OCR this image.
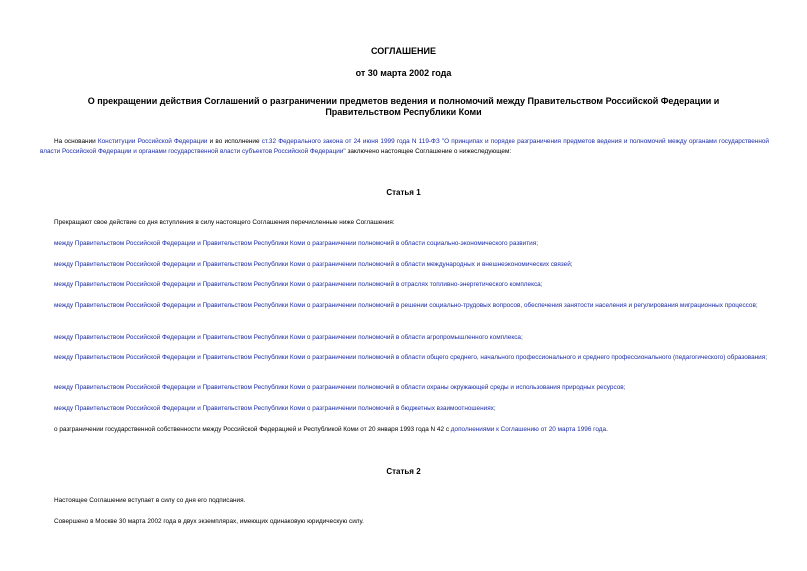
СОГЛАШЕНИЕ
от 30 марта 2002 года
О прекращении действия Соглашений о разграничении предметов ведения и полномочий между Правительством Российской Федерации и Правительством Республики Коми
На основании Конституции Российской Федерации и во исполнение ст.32 Федерального закона от 24 июня 1999 года N 119-ФЗ "О принципах и порядке разграничения предметов ведения и полномочий между органами государственной власти Российской Федерации и органами государственной власти субъектов Российской Федерации" заключено настоящее Соглашение о нижеследующем:
Статья 1
Прекращают свое действие со дня вступления в силу настоящего Соглашения перечисленные ниже Соглашения:
между Правительством Российской Федерации и Правительством Республики Коми о разграничении полномочий в области социально-экономического развития;
между Правительством Российской Федерации и Правительством Республики Коми о разграничении полномочий в области международных и внешнеэкономических связей;
между Правительством Российской Федерации и Правительством Республики Коми о разграничении полномочий в отраслях топливно-энергетического комплекса;
между Правительством Российской Федерации и Правительством Республики Коми о разграничении полномочий в решении социально-трудовых вопросов, обеспечения занятости населения и регулирования миграционных процессов;
между Правительством Российской Федерации и Правительством Республики Коми о разграничении полномочий в области агропромышленного комплекса;
между Правительством Российской Федерации и Правительством Республики Коми о разграничении полномочий в области общего среднего, начального профессионального и среднего профессионального (педагогического) образования;
между Правительством Российской Федерации и Правительством Республики Коми о разграничении полномочий в области охраны окружающей среды и использования природных ресурсов;
между Правительством Российской Федерации и Правительством Республики Коми о разграничении полномочий в бюджетных взаимоотношениях;
о разграничении государственной собственности между Российской Федерацией и Республикой Коми от 20 января 1993 года N 42 с дополнениями к Соглашению от 20 марта 1996 года.
Статья 2
Настоящее Соглашение вступает в силу со дня его подписания.
Совершено в Москве 30 марта 2002 года в двух экземплярах, имеющих одинаковую юридическую силу.
